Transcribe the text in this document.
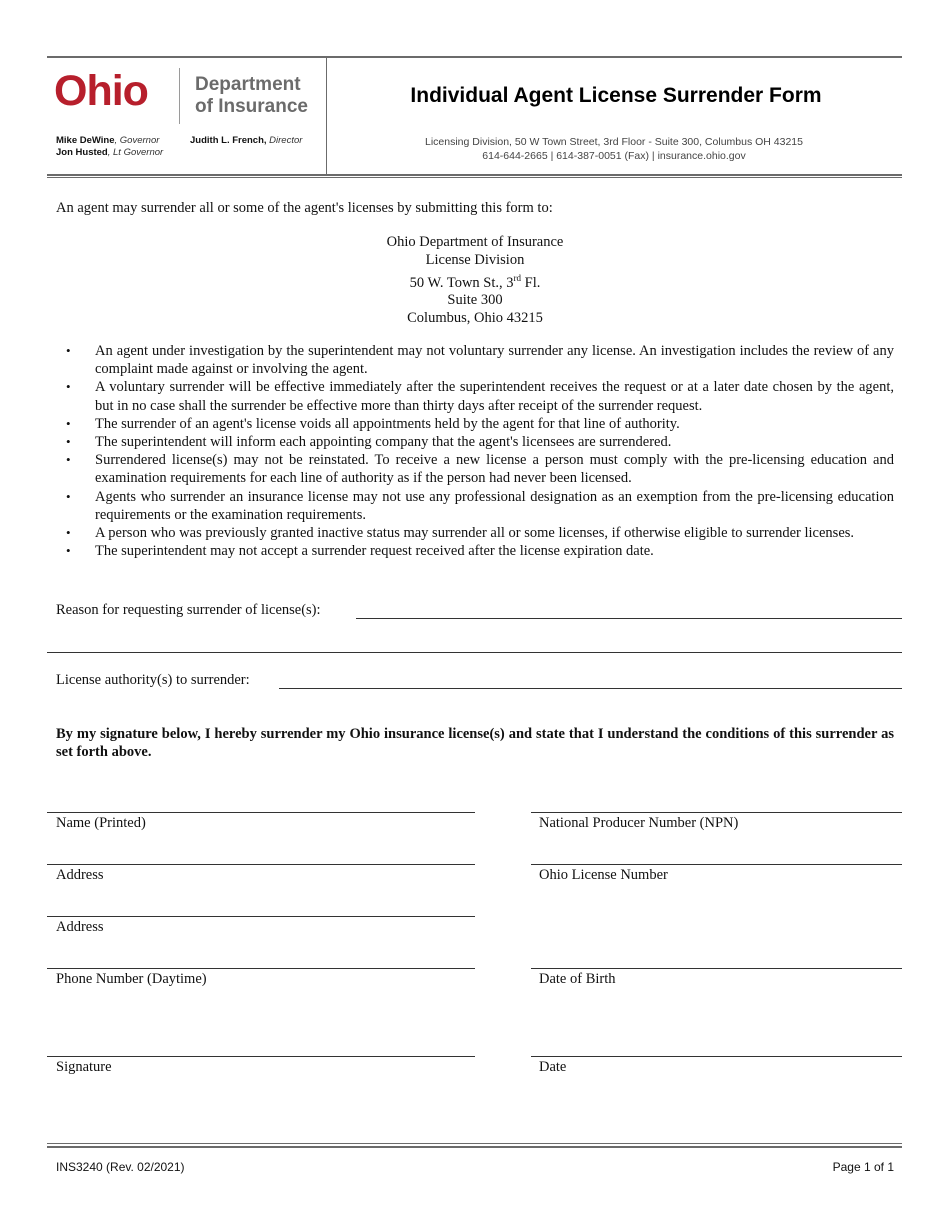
Ohio Department
of Insurance
Mike DeWine, Governor
Jon Husted, Lt Governor
Judith L. French, Director
Individual Agent License Surrender Form
Licensing Division, 50 W Town Street, 3rd Floor - Suite 300, Columbus OH 43215
614-644-2665 | 614-387-0051 (Fax) | insurance.ohio.gov
An agent may surrender all or some of the agent's licenses by submitting this form to:
Ohio Department of Insurance
License Division
50 W. Town St., 3rd Fl.
Suite 300
Columbus, Ohio 43215
• An agent under investigation by the superintendent may not voluntary surrender any license. An investigation includes the review of any complaint made against or involving the agent.
• A voluntary surrender will be effective immediately after the superintendent receives the request or at a later date chosen by the agent, but in no case shall the surrender be effective more than thirty days after receipt of the surrender request.
• The surrender of an agent's license voids all appointments held by the agent for that line of authority.
• The superintendent will inform each appointing company that the agent's licensees are surrendered.
• Surrendered license(s) may not be reinstated. To receive a new license a person must comply with the pre-licensing education and examination requirements for each line of authority as if the person had never been licensed.
• Agents who surrender an insurance license may not use any professional designation as an exemption from the pre-licensing education requirements or the examination requirements.
• A person who was previously granted inactive status may surrender all or some licenses, if otherwise eligible to surrender licenses.
• The superintendent may not accept a surrender request received after the license expiration date.
Reason for requesting surrender of license(s):
License authority(s) to surrender:
By my signature below, I hereby surrender my Ohio insurance license(s) and state that I understand the conditions of this surrender as set forth above.
Name (Printed)
Address
Address
Phone Number (Daytime)
Signature
National Producer Number (NPN)
Ohio License Number
Date of Birth
Date
INS3240 (Rev. 02/2021)	Page 1 of 1
